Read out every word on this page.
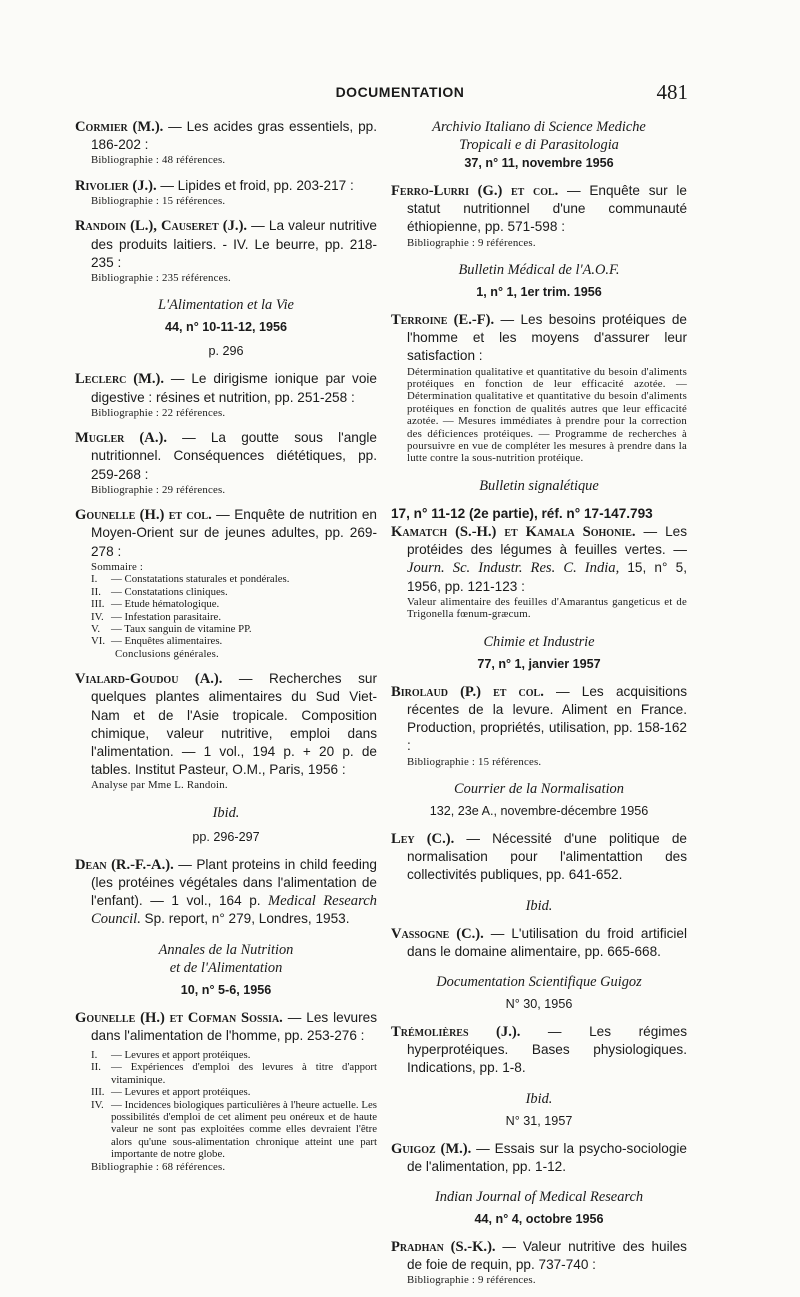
DOCUMENTATION	481
Cormier (M.). — Les acides gras essentiels, pp. 186-202 :
Bibliographie : 48 références.
Rivolier (J.). — Lipides et froid, pp. 203-217 :
Bibliographie : 15 références.
Randoin (L.), Causeret (J.). — La valeur nutritive des produits laitiers. - IV. Le beurre, pp. 218-235 :
Bibliographie : 235 références.
L'Alimentation et la Vie
44, n° 10-11-12, 1956
p. 296
Leclerc (M.). — Le dirigisme ionique par voie digestive : résines et nutrition, pp. 251-258 :
Bibliographie : 22 références.
Mugler (A.). — La goutte sous l'angle nutritionnel. Conséquences diététiques, pp. 259-268 :
Bibliographie : 29 références.
Gounelle (H.) et col. — Enquête de nutrition en Moyen-Orient sur de jeunes adultes, pp. 269-278 :
Sommaire :
I.	— Constatations staturales et pondérales.
II. — Constatations cliniques.
III. — Etude hématologique.
IV. — Infestation parasitaire.
V.	— Taux sanguin de vitamine PP.
VI. — Enquêtes alimentaires.
Conclusions générales.
Vialard-Goudou (A.). — Recherches sur quelques plantes alimentaires du Sud Viet-Nam et de l'Asie tropicale. Composition chimique, valeur nutritive, emploi dans l'alimentation. — 1 vol., 194 p. + 20 p. de tables. Institut Pasteur, O.M., Paris, 1956 :
Analyse par Mme L. Randoin.
Ibid.
pp. 296-297
Dean (R.-F.-A.). — Plant proteins in child feeding (les protéines végétales dans l'alimentation de l'enfant). — 1 vol., 164 p. Medical Research Council. Sp. report, n° 279, Londres, 1953.
Annales de la Nutrition
et de l'Alimentation
10, n° 5-6, 1956
Gounelle (H.) et Cofman Sossia. — Les levures dans l'alimentation de l'homme, pp. 253-276 :
I.	— Levures et apport protéiques.
II. — Expériences d'emploi des levures à titre d'apport vitaminique.
III. — Levures et apport protéiques.
IV. — Incidences biologiques particulières à l'heure actuelle. Les possibilités d'emploi de cet aliment peu onéreux et de haute valeur ne sont pas exploitées comme elles devraient l'être alors qu'une sous-alimentation chronique atteint une part importante de notre globe.
Bibliographie : 68 références.
Archivio Italiano di Science Mediche
Tropicali e di Parasitologia
37, n° 11, novembre 1956
Ferro-Lurri (G.) et col. — Enquête sur le statut nutritionnel d'une communauté éthiopienne, pp. 571-598 :
Bibliographie : 9 références.
Bulletin Médical de l'A.O.F.
1, n° 1, 1er trim. 1956
Terroine (E.-F). — Les besoins protéiques de l'homme et les moyens d'assurer leur satisfaction :
Détermination qualitative et quantitative du besoin d'aliments protéiques en fonction de leur efficacité azotée. — Détermination qualitative et quantitative du besoin d'aliments protéiques en fonction de qualités autres que leur efficacité azotée. — Mesures immédiates à prendre pour la correction des déficiences protéiques. — Programme de recherches à poursuivre en vue de compléter les mesures à prendre dans la lutte contre la sous-nutrition protéique.
Bulletin signalétique
17, n° 11-12 (2e partie), réf. n° 17-147.793
Kamatch (S.-H.) et Kamala Sohonie. — Les protéides des légumes à feuilles vertes. — Journ. Sc. Industr. Res. C. India, 15, n° 5, 1956, pp. 121-123 :
Valeur alimentaire des feuilles d'Amarantus gangeticus et de Trigonella fœnum-græcum.
Chimie et Industrie
77, n° 1, janvier 1957
Birolaud (P.) et col. — Les acquisitions récentes de la levure. Aliment en France. Production, propriétés, utilisation, pp. 158-162 :
Bibliographie : 15 références.
Courrier de la Normalisation
132, 23e A., novembre-décembre 1956
Ley (C.). — Nécessité d'une politique de normalisation pour l'alimentattion des collectivités publiques, pp. 641-652.
Ibid.
Vassogne (C.). — L'utilisation du froid artificiel dans le domaine alimentaire, pp. 665-668.
Documentation Scientifique Guigoz
N° 30, 1956
Trémolières (J.). — Les régimes hyperprotéiques. Bases physiologiques. Indications, pp. 1-8.
Ibid.
N° 31, 1957
Guigoz (M.). — Essais sur la psycho-sociologie de l'alimentation, pp. 1-12.
Indian Journal of Medical Research
44, n° 4, octobre 1956
Pradhan (S.-K.). — Valeur nutritive des huiles de foie de requin, pp. 737-740 :
Bibliographie : 9 références.
